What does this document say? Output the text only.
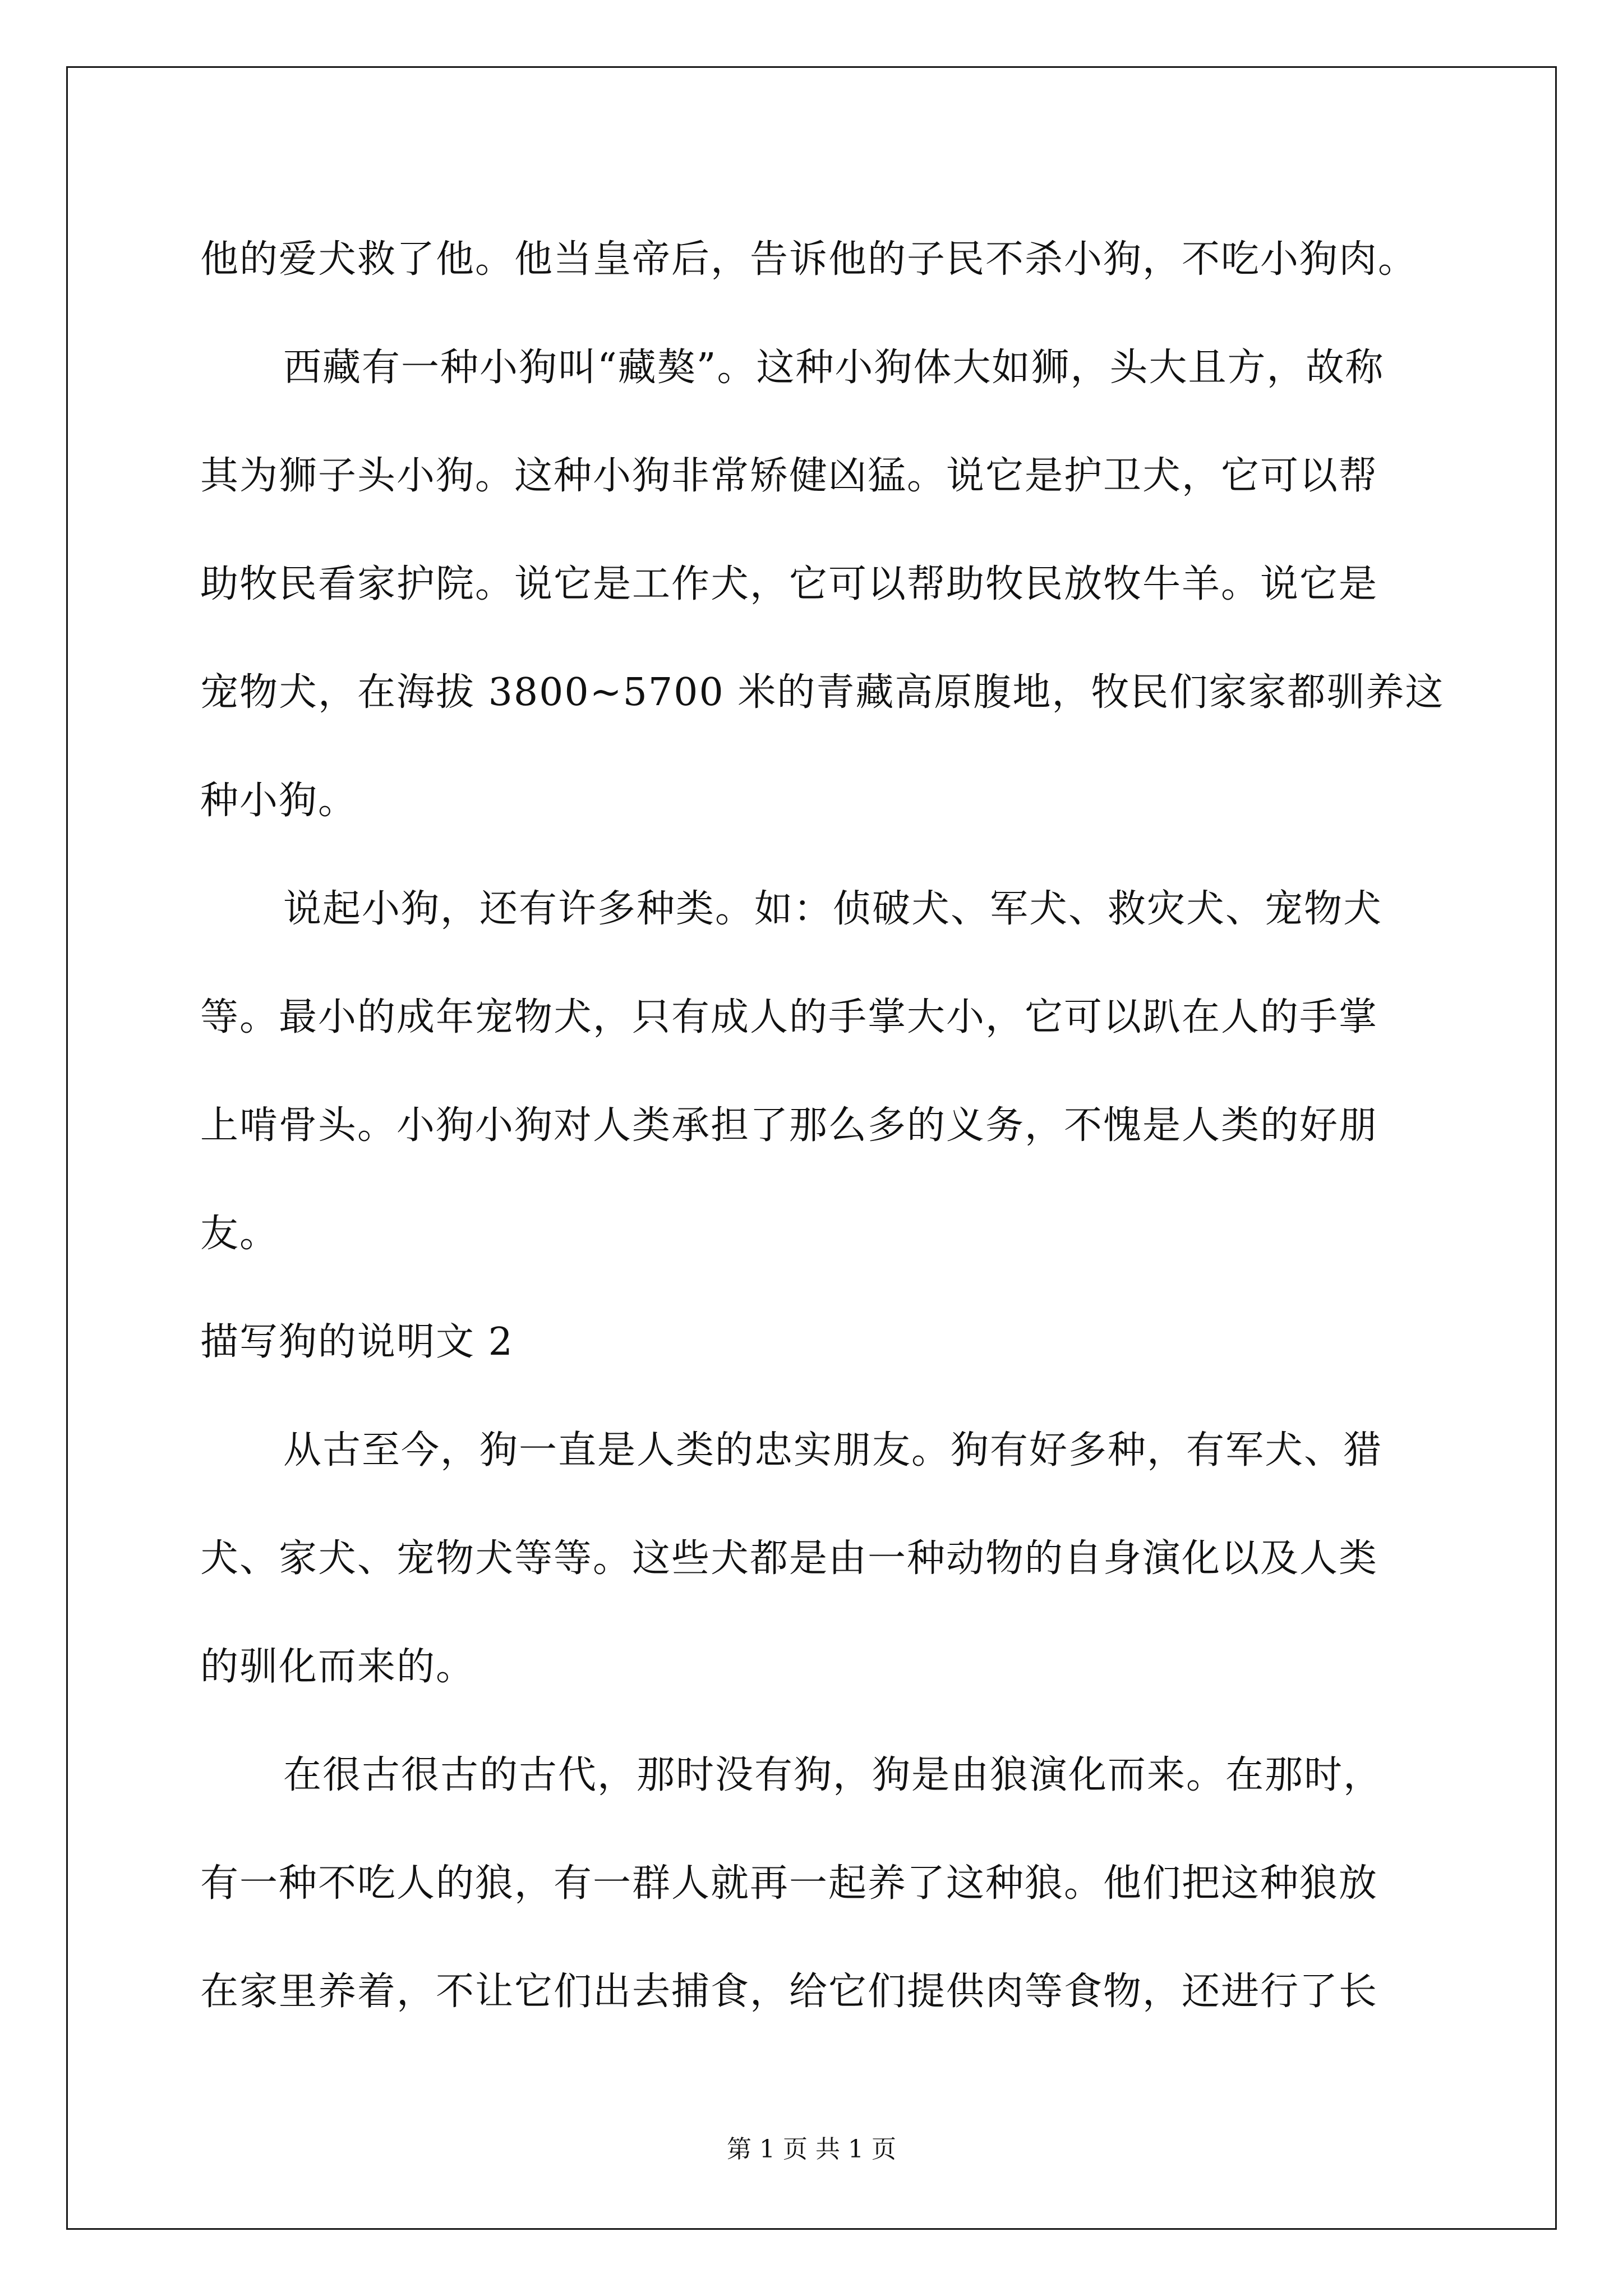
他的爱犬救了他。他当皇帝后，告诉他的子民不杀小狗，不吃小狗肉。
西藏有一种小狗叫“藏獒”。这种小狗体大如狮，头大且方，故称
其为狮子头小狗。这种小狗非常矫健凶猛。说它是护卫犬，它可以帮
助牧民看家护院。说它是工作犬，它可以帮助牧民放牧牛羊。说它是
宠物犬，在海拔 3800~5700 米的青藏高原腹地，牧民们家家都驯养这
种小狗。
说起小狗，还有许多种类。如：侦破犬、军犬、救灾犬、宠物犬
等。最小的成年宠物犬，只有成人的手掌大小，它可以趴在人的手掌
上啃骨头。小狗小狗对人类承担了那么多的义务，不愧是人类的好朋
友。
描写狗的说明文 2
从古至今，狗一直是人类的忠实朋友。狗有好多种，有军犬、猎
犬、家犬、宠物犬等等。这些犬都是由一种动物的自身演化以及人类
的驯化而来的。
在很古很古的古代，那时没有狗，狗是由狼演化而来。在那时，
有一种不吃人的狼，有一群人就再一起养了这种狼。他们把这种狼放
在家里养着，不让它们出去捕食，给它们提供肉等食物，还进行了长
第 1 页 共 1 页
